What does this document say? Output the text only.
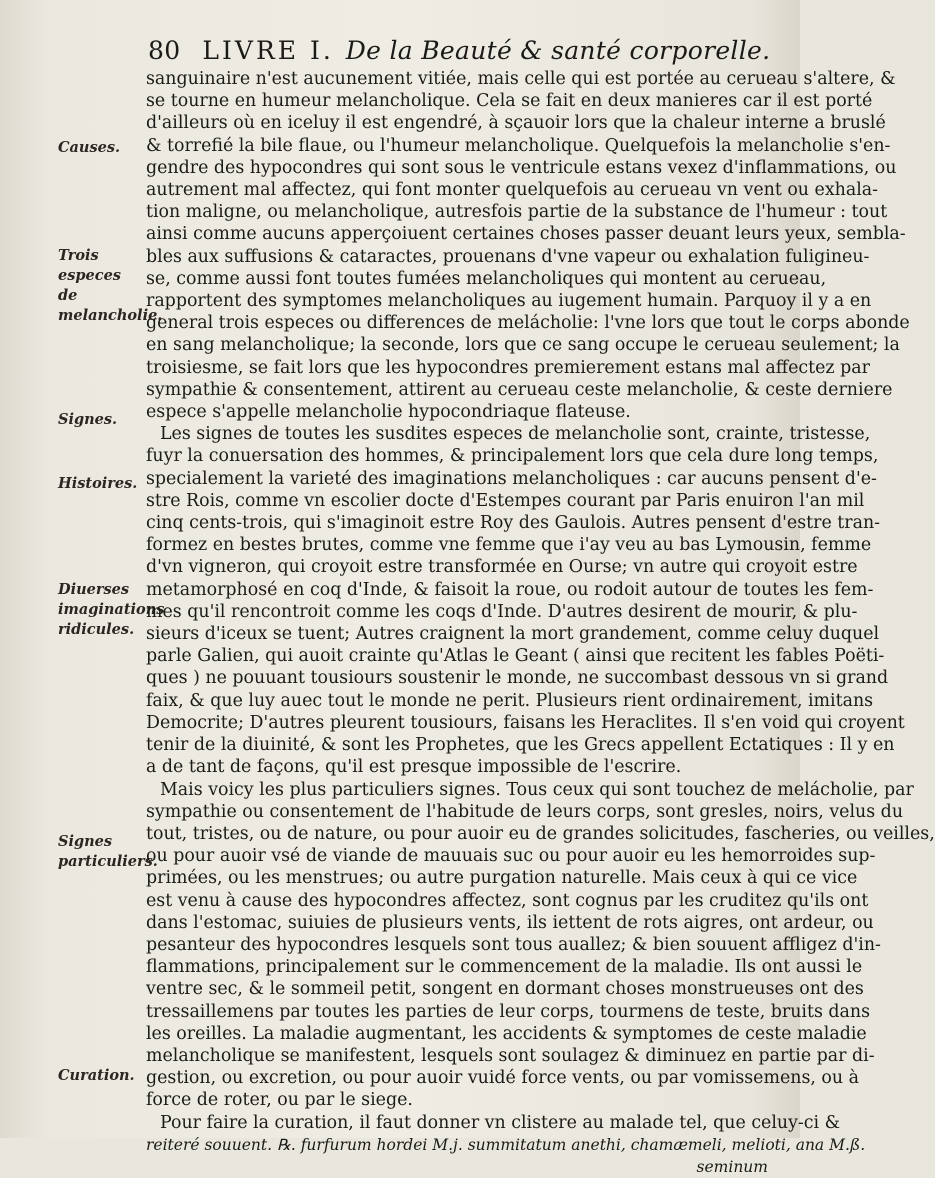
80 LIVRE I. De la Beauté & santé corporelle.
Causes.
Trois especes de melancholie.
Signes.
Histoires.
Diuerses imaginations ridicules.
Signes particuliers.
Curation.
sanguinaire n'est aucunement vitiée, mais celle qui est portée au cerueau s'altere, &
se tourne en humeur melancholique. Cela se fait en deux manieres car il est porté
d'ailleurs où en iceluy il est engendré, à sçauoir lors que la chaleur interne a bruslé
& torrefié la bile flaue, ou l'humeur melancholique. Quelquefois la melancholie s'en-
gendre des hypocondres qui sont sous le ventricule estans vexez d'inflammations, ou
autrement mal affectez, qui font monter quelquefois au cerueau vn vent ou exhala-
tion maligne, ou melancholique, autresfois partie de la substance de l'humeur : tout
ainsi comme aucuns apperçoiuent certaines choses passer deuant leurs yeux, sembla-
bles aux suffusions & cataractes, prouenans d'vne vapeur ou exhalation fuligineu-
se, comme aussi font toutes fumées melancholiques qui montent au cerueau,
rapportent des symptomes melancholiques au iugement humain. Parquoy il y a en
general trois especes ou differences de melácholie: l'vne lors que tout le corps abonde
en sang melancholique; la seconde, lors que ce sang occupe le cerueau seulement; la
troisiesme, se fait lors que les hypocondres premierement estans mal affectez par
sympathie & consentement, attirent au cerueau ceste melancholie, & ceste derniere
espece s'appelle melancholie hypocondriaque flateuse.
Les signes de toutes les susdites especes de melancholie sont, crainte, tristesse,
fuyr la conuersation des hommes, & principalement lors que cela dure long temps,
specialement la varieté des imaginations melancholiques : car aucuns pensent d'e-
stre Rois, comme vn escolier docte d'Estempes courant par Paris enuiron l'an mil
cinq cents-trois, qui s'imaginoit estre Roy des Gaulois. Autres pensent d'estre tran-
formez en bestes brutes, comme vne femme que i'ay veu au bas Lymousin, femme
d'vn vigneron, qui croyoit estre transformée en Ourse; vn autre qui croyoit estre
metamorphosé en coq d'Inde, & faisoit la roue, ou rodoit autour de toutes les fem-
mes qu'il rencontroit comme les coqs d'Inde. D'autres desirent de mourir, & plu-
sieurs d'iceux se tuent; Autres craignent la mort grandement, comme celuy duquel
parle Galien, qui auoit crainte qu'Atlas le Geant ( ainsi que recitent les fables Poëti-
ques ) ne pouuant tousiours soustenir le monde, ne succombast dessous vn si grand
faix, & que luy auec tout le monde ne perit. Plusieurs rient ordinairement, imitans
Democrite; D'autres pleurent tousiours, faisans les Heraclites. Il s'en void qui croyent
tenir de la diuinité, & sont les Prophetes, que les Grecs appellent Ectatiques : Il y en
a de tant de façons, qu'il est presque impossible de l'escrire.
Mais voicy les plus particuliers signes. Tous ceux qui sont touchez de melácholie, par
sympathie ou consentement de l'habitude de leurs corps, sont gresles, noirs, velus du
tout, tristes, ou de nature, ou pour auoir eu de grandes solicitudes, fascheries, ou veilles,
ou pour auoir vsé de viande de mauuais suc ou pour auoir eu les hemorroides sup-
primées, ou les menstrues; ou autre purgation naturelle. Mais ceux à qui ce vice
est venu à cause des hypocondres affectez, sont cognus par les cruditez qu'ils ont
dans l'estomac, suiuies de plusieurs vents, ils iettent de rots aigres, ont ardeur, ou
pesanteur des hypocondres lesquels sont tous auallez; & bien souuent affligez d'in-
flammations, principalement sur le commencement de la maladie. Ils ont aussi le
ventre sec, & le sommeil petit, songent en dormant choses monstrueuses ont des
tressaillemens par toutes les parties de leur corps, tourmens de teste, bruits dans
les oreilles. La maladie augmentant, les accidents & symptomes de ceste maladie
melancholique se manifestent, lesquels sont soulagez & diminuez en partie par di-
gestion, ou excretion, ou pour auoir vuidé force vents, ou par vomissemens, ou à
force de roter, ou par le siege.
Pour faire la curation, il faut donner vn clistere au malade tel, que celuy-ci &
reiteré souuent. ℞. furfurum hordei M.j. summitatum anethi, chamæmeli, melioti, ana M.ß.
seminum
